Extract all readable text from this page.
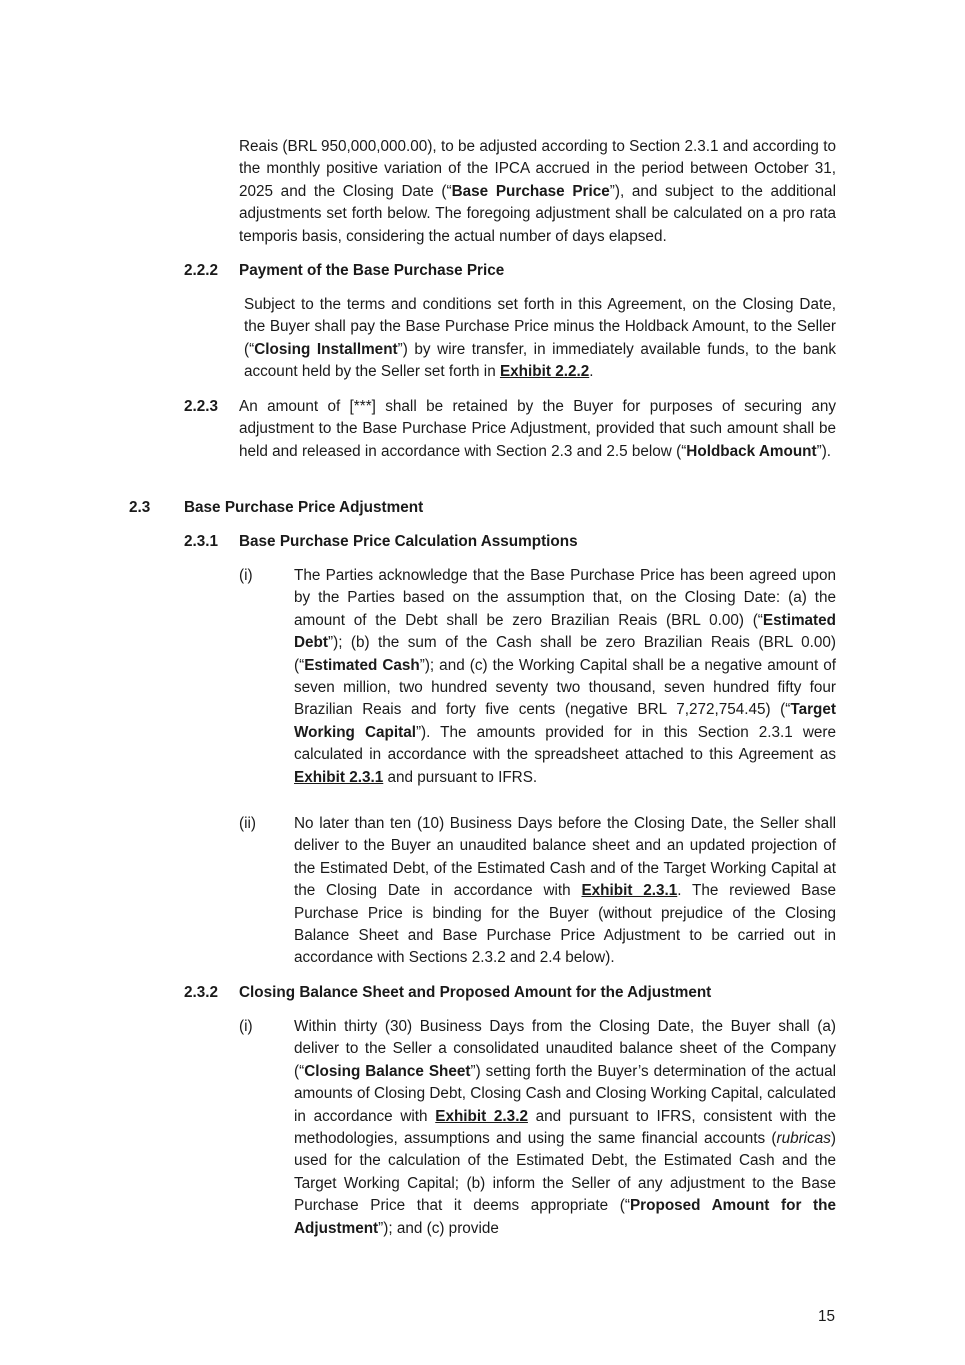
Reais (BRL 950,000,000.00), to be adjusted according to Section 2.3.1 and according to the monthly positive variation of the IPCA accrued in the period between October 31, 2025 and the Closing Date (“Base Purchase Price”), and subject to the additional adjustments set forth below. The foregoing adjustment shall be calculated on a pro rata temporis basis, considering the actual number of days elapsed.

2.2.2 Payment of the Base Purchase Price

Subject to the terms and conditions set forth in this Agreement, on the Closing Date, the Buyer shall pay the Base Purchase Price minus the Holdback Amount, to the Seller (“Closing Installment”) by wire transfer, in immediately available funds, to the bank account held by the Seller set forth in Exhibit 2.2.2.

2.2.3 An amount of [***] shall be retained by the Buyer for purposes of securing any adjustment to the Base Purchase Price Adjustment, provided that such amount shall be held and released in accordance with Section 2.3 and 2.5 below (“Holdback Amount”).

2.3 Base Purchase Price Adjustment
2.3.1 Base Purchase Price Calculation Assumptions
(i)	The Parties acknowledge that the Base Purchase Price has been agreed upon by the Parties based on the assumption that, on the Closing Date: (a) the amount of the Debt shall be zero Brazilian Reais (BRL 0.00) (“Estimated Debt”); (b) the sum of the Cash shall be zero Brazilian Reais (BRL 0.00) (“Estimated Cash”); and (c) the Working Capital shall be a negative amount of seven million, two hundred seventy two thousand, seven hundred fifty four Brazilian Reais and forty five cents (negative BRL 7,272,754.45) (“Target Working Capital”). The amounts provided for in this Section 2.3.1 were calculated in accordance with the spreadsheet attached to this Agreement as Exhibit 2.3.1 and pursuant to IFRS.

(ii) No later than ten (10) Business Days before the Closing Date, the Seller shall deliver to the Buyer an unaudited balance sheet and an updated projection of the Estimated Debt, of the Estimated Cash and of the Target Working Capital at the Closing Date in accordance with Exhibit 2.3.1. The reviewed Base Purchase Price is binding for the Buyer (without prejudice of the Closing Balance Sheet and Base Purchase Price Adjustment to be carried out in accordance with Sections 2.3.2 and 2.4 below).

2.3.2 Closing Balance Sheet and Proposed Amount for the Adjustment
(i)	Within thirty (30) Business Days from the Closing Date, the Buyer shall (a) deliver to the Seller a consolidated unaudited balance sheet of the Company (“Closing Balance Sheet”) setting forth the Buyer’s determination of the actual amounts of Closing Debt, Closing Cash and Closing Working Capital, calculated in accordance with Exhibit 2.3.2 and pursuant to IFRS, consistent with the methodologies, assumptions and using the same financial accounts (rubricas) used for the calculation of the Estimated Debt, the Estimated Cash and the Target Working Capital; (b) inform the Seller of any adjustment to the Base Purchase Price that it deems appropriate (“Proposed Amount for the Adjustment”); and (c) provide

15
